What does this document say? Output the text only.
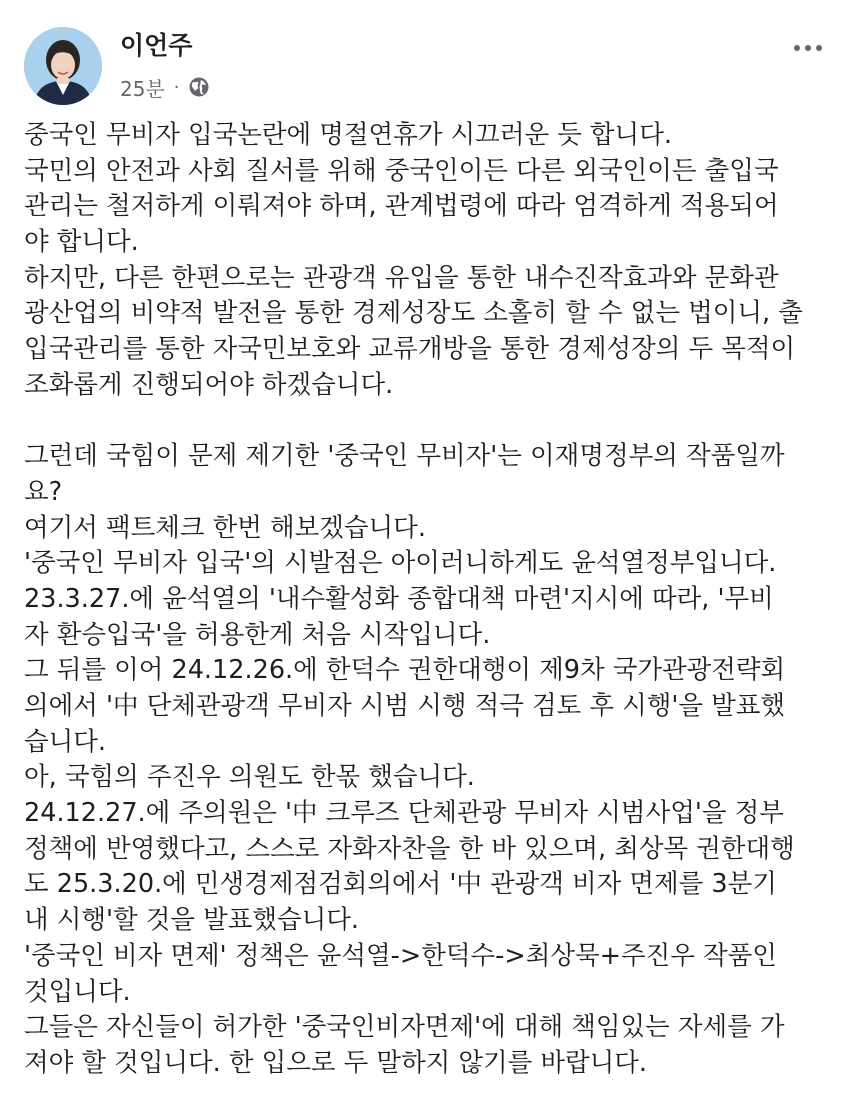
이언주
25분 ·
중국인 무비자 입국논란에 명절연휴가 시끄러운 듯 합니다.
국민의 안전과 사회 질서를 위해 중국인이든 다른 외국인이든 출입국
관리는 철저하게 이뤄져야 하며, 관계법령에 따라 엄격하게 적용되어
야 합니다.
하지만, 다른 한편으로는 관광객 유입을 통한 내수진작효과와 문화관
광산업의 비약적 발전을 통한 경제성장도 소홀히 할 수 없는 법이니, 출
입국관리를 통한 자국민보호와 교류개방을 통한 경제성장의 두 목적이
조화롭게 진행되어야 하겠습니다.
그런데 국힘이 문제 제기한 '중국인 무비자'는 이재명정부의 작품일까
요?
여기서 팩트체크 한번 해보겠습니다.
'중국인 무비자 입국'의 시발점은 아이러니하게도 윤석열정부입니다.
23.3.27.에 윤석열의 '내수활성화 종합대책 마련'지시에 따라, '무비
자 환승입국'을 허용한게 처음 시작입니다.
그 뒤를 이어 24.12.26.에 한덕수 권한대행이 제9차 국가관광전략회
의에서 '中 단체관광객 무비자 시범 시행 적극 검토 후 시행'을 발표했
습니다.
아, 국힘의 주진우 의원도 한몫 했습니다.
24.12.27.에 주의원은 '中 크루즈 단체관광 무비자 시범사업'을 정부
정책에 반영했다고, 스스로 자화자찬을 한 바 있으며, 최상목 권한대행
도 25.3.20.에 민생경제점검회의에서 '中 관광객 비자 면제를 3분기
내 시행'할 것을 발표했습니다.
'중국인 비자 면제' 정책은 윤석열->한덕수->최상묵+주진우 작품인
것입니다.
그들은 자신들이 허가한 '중국인비자면제'에 대해 책임있는 자세를 가
져야 할 것입니다. 한 입으로 두 말하지 않기를 바랍니다.
